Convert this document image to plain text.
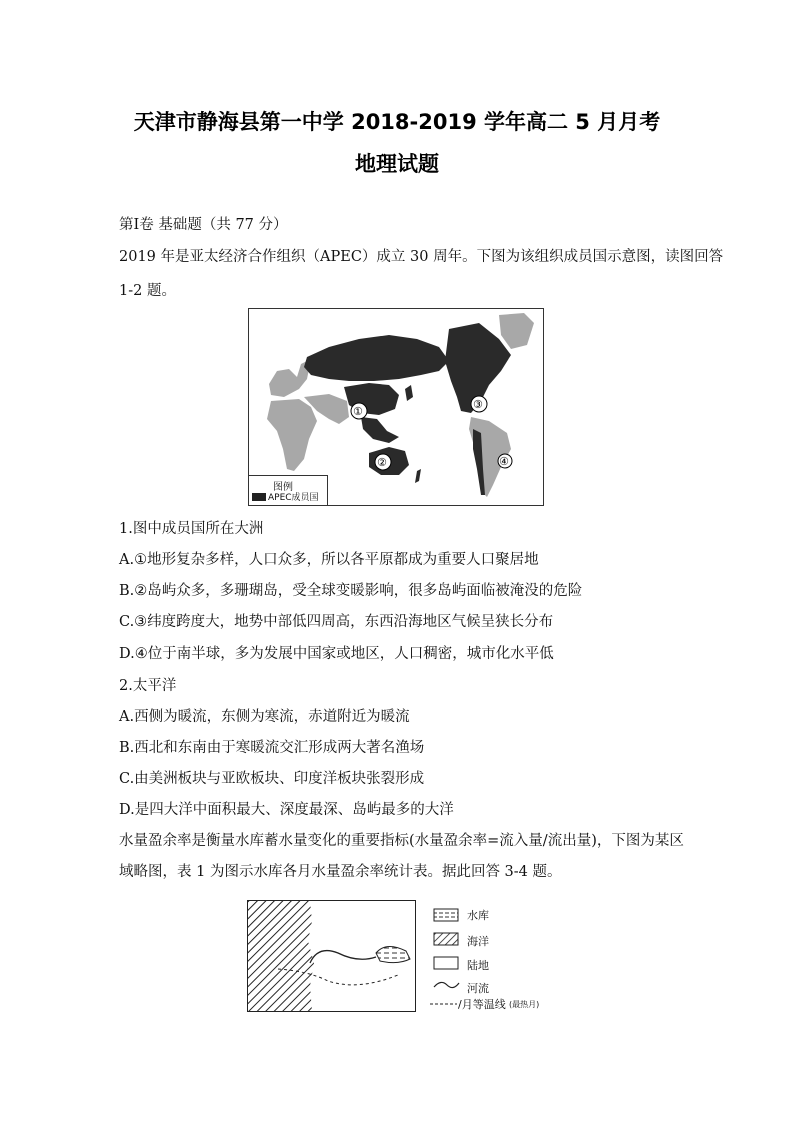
天津市静海县第一中学 2018-2019 学年高二 5 月月考
地理试题
第Ⅰ卷 基础题（共 77 分）
2019 年是亚太经济合作组织（APEC）成立 30 周年。下图为该组织成员国示意图，读图回答
1-2 题。
①
②
③
④
图例
APEC成员国
1.图中成员国所在大洲
A.①地形复杂多样，人口众多，所以各平原都成为重要人口聚居地
B.②岛屿众多，多珊瑚岛，受全球变暖影响，很多岛屿面临被淹没的危险
C.③纬度跨度大，地势中部低四周高，东西沿海地区气候呈狭长分布
D.④位于南半球，多为发展中国家或地区，人口稠密，城市化水平低
2.太平洋
A.西侧为暖流，东侧为寒流，赤道附近为暖流
B.西北和东南由于寒暖流交汇形成两大著名渔场
C.由美洲板块与亚欧板块、印度洋板块张裂形成
D.是四大洋中面积最大、深度最深、岛屿最多的大洋
水量盈余率是衡量水库蓄水量变化的重要指标(水量盈余率=流入量/流出量)，下图为某区
域略图，表 1 为图示水库各月水量盈余率统计表。据此回答 3-4 题。
水库
海洋
陆地
河流
/月等温线 (最热月)
